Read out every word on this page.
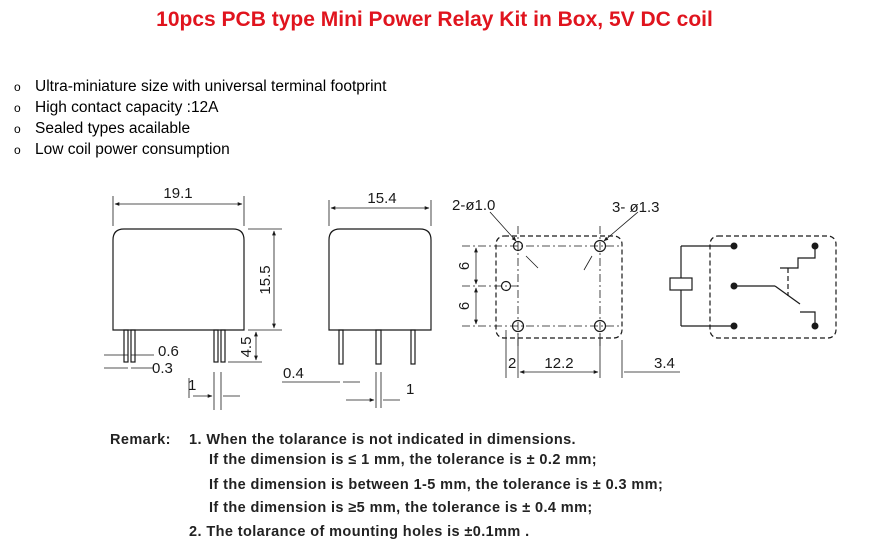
10pcs PCB type Mini Power Relay Kit in Box, 5V DC coil
o Ultra-miniature size with universal terminal footprint
o High contact capacity :12A
o Sealed types acailable
o Low coil power consumption
19.1
15.5
4.5
0.6
0.3
1
15.4
0.4
1
2-ø1.0	3- ø1.3
6
6
2 12.2	3.4
Remark: 1. When the tolarance is not indicated in dimensions.
If the dimension is ≤ 1 mm, the tolerance is ± 0.2 mm;
If the dimension is between 1-5 mm, the tolerance is ± 0.3 mm;
If the dimension is ≥5 mm, the tolerance is ± 0.4 mm;
2. The tolarance of mounting holes is ±0.1mm .
